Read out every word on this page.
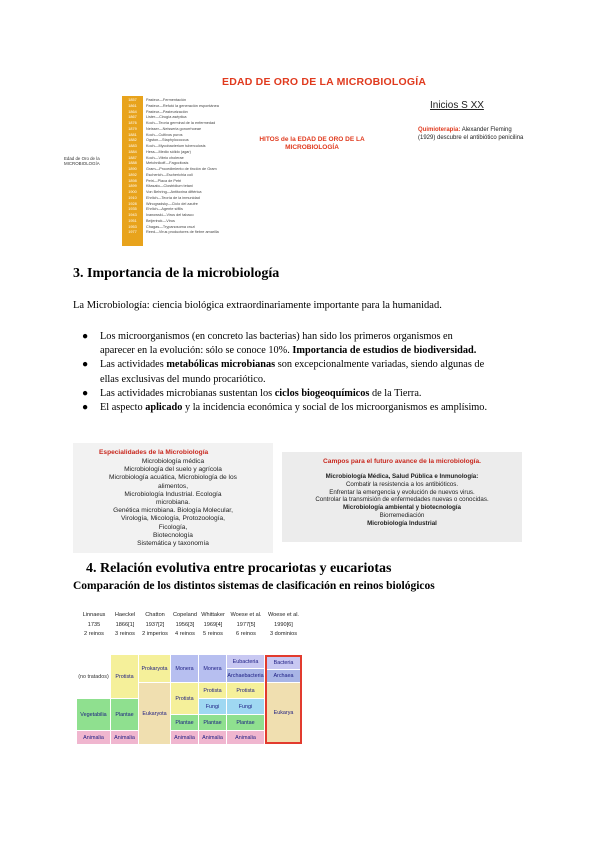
EDAD DE ORO DE LA MICROBIOLOGÍA
Edad de Oro de la MICROBIOLOGÍA
1857
1861
1864
1867
1876
1879
1881
1882
1883
1884
1887
1888
1890
1892
1898
1899
1900
1910
1928
1935
1943
1951
1953
1977
Pasteur—Fermentación
Pasteur—Refutó la generación espontánea
Pasteur—Pasteurización
Lister—Cirugía aséptica
Koch—Teoría germinal de la enfermedad
Neisser—Neisseria gonorrhoeae
Koch—Cultivos puros
Ogston—Staphylococcus
Koch—Mycobacterium tuberculosis
Hess—Medio sólido (agar)
Koch—Vibrio cholerae
Metchnikoff—Fagocitosis
Gram—Procedimiento de tinción de Gram
Escherich—Escherichia coli
Petri—Placa de Petri
Kitasato—Clostridium tetani
Von Behring—Antitoxina diftérica
Ehrlich—Teoría de la inmunidad
Winogradsky—Ciclo del azufre
Ehrlich—Agente sífilis
Ivanowski—Virus del tabaco
Beijerinck—Virus
Chagas—Trypanosoma cruzi
Reed—Virus productores de fiebre amarilla
HITOS de la EDAD DE ORO DE LA MICROBIOLOGÍA
Inicios S XX
Quimioterapia: Alexander Fleming (1929) descubre el antibiótico penicilina
3. Importancia de la microbiología
La Microbiología: ciencia biológica extraordinariamente importante para la humanidad.
● Los microorganismos (en concreto las bacterias) han sido los primeros organismos en
aparecer en la evolución: sólo se conoce 10%. Importancia de estudios de biodiversidad.
● Las actividades metabólicas microbianas son excepcionalmente variadas, siendo algunas de
ellas exclusivas del mundo procariótico.
● Las actividades microbianas sustentan los ciclos biogeoquímicos de la Tierra.
● El aspecto aplicado y la incidencia económica y social de los microorganismos es amplísimo.
Especialidades de la Microbiología
Microbiología médica
Microbiología del suelo y agrícola
Microbiología acuática, Microbiología de los
alimentos,
Microbiología Industrial. Ecología
microbiana.
Genética microbiana. Biología Molecular,
Virología, Micología, Protozoología,
Ficología,
Biotecnología
Sistemática y taxonomía
Campos para el futuro avance de la microbiología.
Microbiología Médica, Salud Pública e Inmunología:
Combatir la resistencia a los antibióticos.
Enfrentar la emergencia y evolución de nuevos virus.
Controlar la transmisión de enfermedades nuevas o conocidas.
Microbiología ambiental y biotecnología
Biorremediación
Microbiología Industrial
4. Relación evolutiva entre procariotas y eucariotas
Comparación de los distintos sistemas de clasificación en reinos biológicos
Linnaeus
1735
2 reinos
Haeckel
1866[1]
3 reinos
Chatton
1937[2]
2 imperios
Copeland
1956[3]
4 reinos
Whittaker
1969[4]
5 reinos
Woese et al.
1977[5]
6 reinos
Woese et al.
1990[6]
3 dominios
(no tratados)
Vegetabilia
Animalia
Protista
Plantae
Animalia
Prokaryota
Eukaryota
Monera
Protista
Plantae
Animalia
Monera
Protista
Fungi
Plantae
Animalia
Eubacteria
Archaebacteria
Protista
Fungi
Plantae
Animalia
Bacteria
Archaea
Eukarya
